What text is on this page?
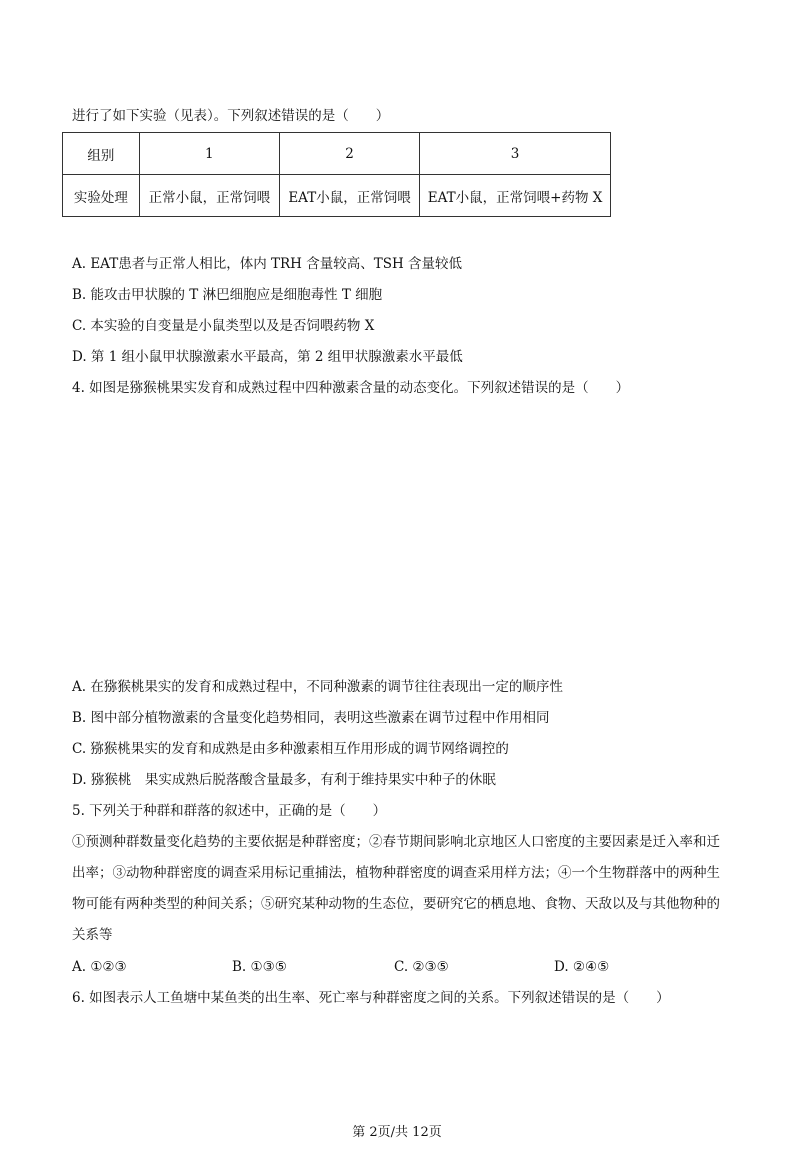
进行了如下实验（见表）。下列叙述错误的是（　　）
组别	1	2	3
实验处理	正常小鼠，正常饲喂	EAT小鼠，正常饲喂	EAT小鼠，正常饲喂+药物 X
A. EAT患者与正常人相比，体内 TRH 含量较高、TSH 含量较低
B. 能攻击甲状腺的 T 淋巴细胞应是细胞毒性 T 细胞
C. 本实验的自变量是小鼠类型以及是否饲喂药物 X
D. 第 1 组小鼠甲状腺激素水平最高，第 2 组甲状腺激素水平最低
4. 如图是猕猴桃果实发育和成熟过程中四种激素含量的动态变化。下列叙述错误的是（　　）
A. 在猕猴桃果实的发育和成熟过程中，不同种激素的调节往往表现出一定的顺序性
B. 图中部分植物激素的含量变化趋势相同，表明这些激素在调节过程中作用相同
C. 猕猴桃果实的发育和成熟是由多种激素相互作用形成的调节网络调控的
D. 猕猴桃　果实成熟后脱落酸含量最多，有利于维持果实中种子的休眠
5. 下列关于种群和群落的叙述中，正确的是（　　）
①预测种群数量变化趋势的主要依据是种群密度；②春节期间影响北京地区人口密度的主要因素是迁入率和迁出率；③动物种群密度的调查采用标记重捕法，植物种群密度的调查采用样方法；④一个生物群落中的两种生物可能有两种类型的种间关系；⑤研究某种动物的生态位，要研究它的栖息地、食物、天敌以及与其他物种的关系等
A. ①②③	B. ①③⑤	C. ②③⑤	D. ②④⑤
6. 如图表示人工鱼塘中某鱼类的出生率、死亡率与种群密度之间的关系。下列叙述错误的是（　　）
第 2页/共 12页
